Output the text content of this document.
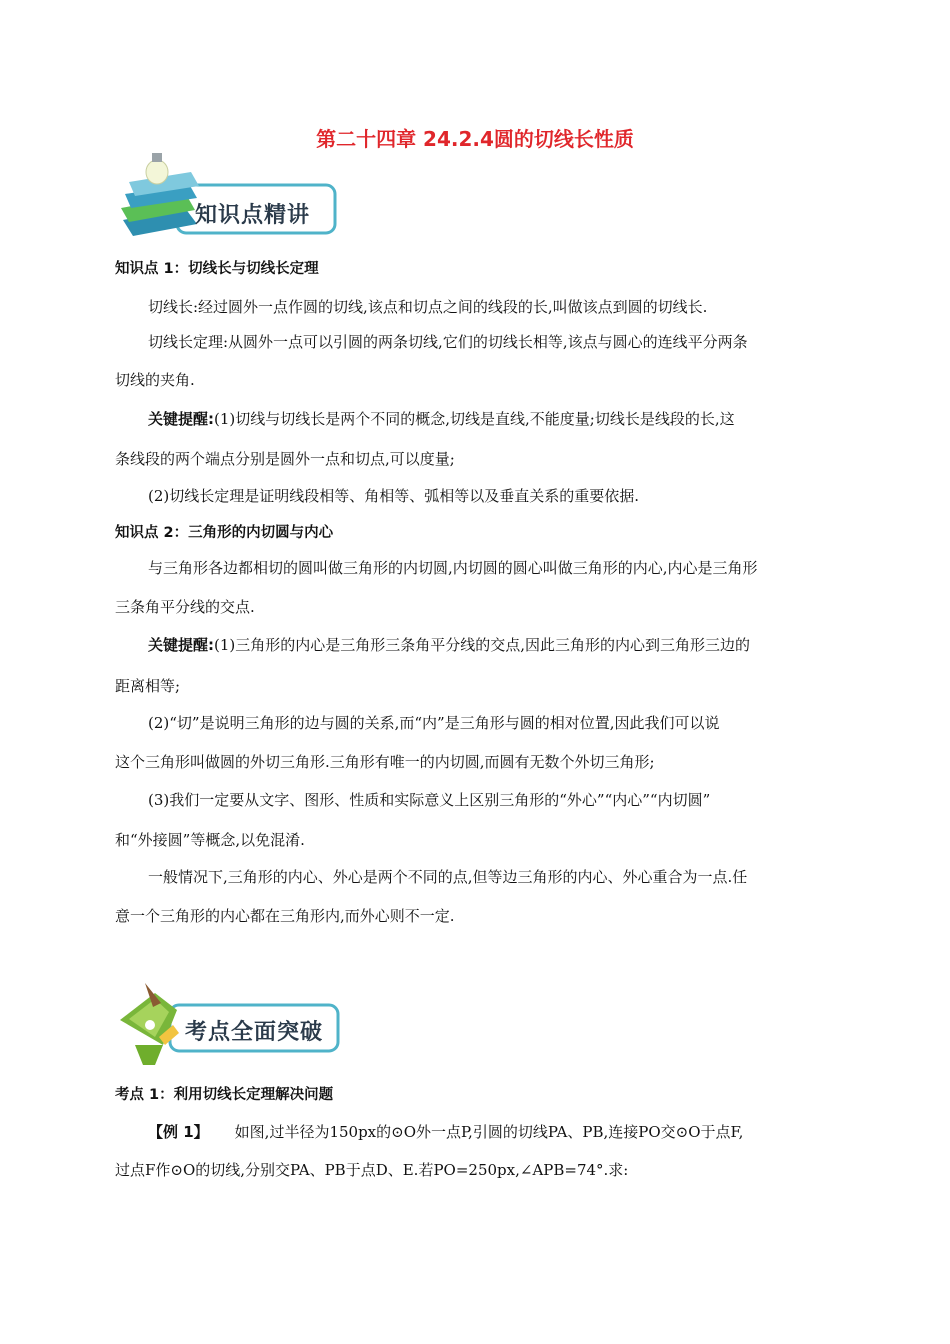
第二十四章 24.2.4圆的切线长性质
知识点精讲
知识点 1：切线长与切线长定理
切线长:经过圆外一点作圆的切线,该点和切点之间的线段的长,叫做该点到圆的切线长.
切线长定理:从圆外一点可以引圆的两条切线,它们的切线长相等,该点与圆心的连线平分两条
切线的夹角.
关键提醒:(1)切线与切线长是两个不同的概念,切线是直线,不能度量;切线长是线段的长,这
条线段的两个端点分别是圆外一点和切点,可以度量;
(2)切线长定理是证明线段相等、角相等、弧相等以及垂直关系的重要依据.
知识点 2：三角形的内切圆与内心
与三角形各边都相切的圆叫做三角形的内切圆,内切圆的圆心叫做三角形的内心,内心是三角形
三条角平分线的交点.
关键提醒:(1)三角形的内心是三角形三条角平分线的交点,因此三角形的内心到三角形三边的
距离相等;
(2)“切”是说明三角形的边与圆的关系,而“内”是三角形与圆的相对位置,因此我们可以说
这个三角形叫做圆的外切三角形.三角形有唯一的内切圆,而圆有无数个外切三角形;
(3)我们一定要从文字、图形、性质和实际意义上区别三角形的“外心”“内心”“内切圆”
和“外接圆”等概念,以免混淆.
一般情况下,三角形的内心、外心是两个不同的点,但等边三角形的内心、外心重合为一点.任
意一个三角形的内心都在三角形内,而外心则不一定.
考点全面突破
考点 1：利用切线长定理解决问题
【例 1】 如图,过半径为150px的⊙O外一点P,引圆的切线PA、PB,连接PO交⊙O于点F,
过点F作⊙O的切线,分别交PA、PB于点D、E.若PO=250px,∠APB=74°.求:
